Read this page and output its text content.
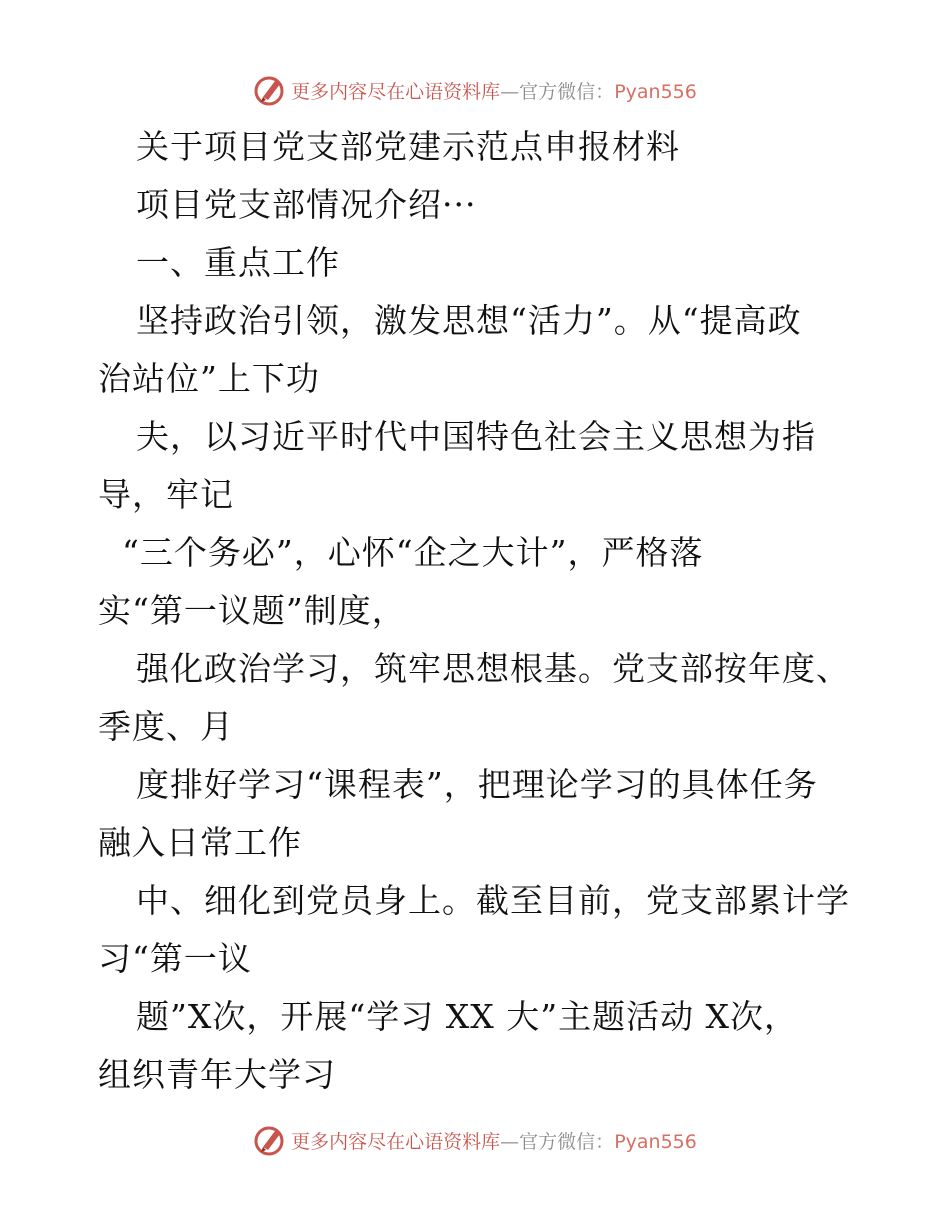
更多内容尽在心语资料库—官方微信：Pyan556
关于项目党支部党建示范点申报材料
项目党支部情况介绍···
一、重点工作
坚持政治引领，激发思想“活力”。从“提高政
治站位”上下功
夫，以习近平时代中国特色社会主义思想为指
导，牢记
“三个务必”，心怀“企之大计”，严格落
实“第一议题”制度，
强化政治学习，筑牢思想根基。党支部按年度、
季度、月
度排好学习“课程表”，把理论学习的具体任务
融入日常工作
中、细化到党员身上。截至目前，党支部累计学
习“第一议
题”X次，开展“学习 XX 大”主题活动 X次，
组织青年大学习
更多内容尽在心语资料库—官方微信：Pyan556
